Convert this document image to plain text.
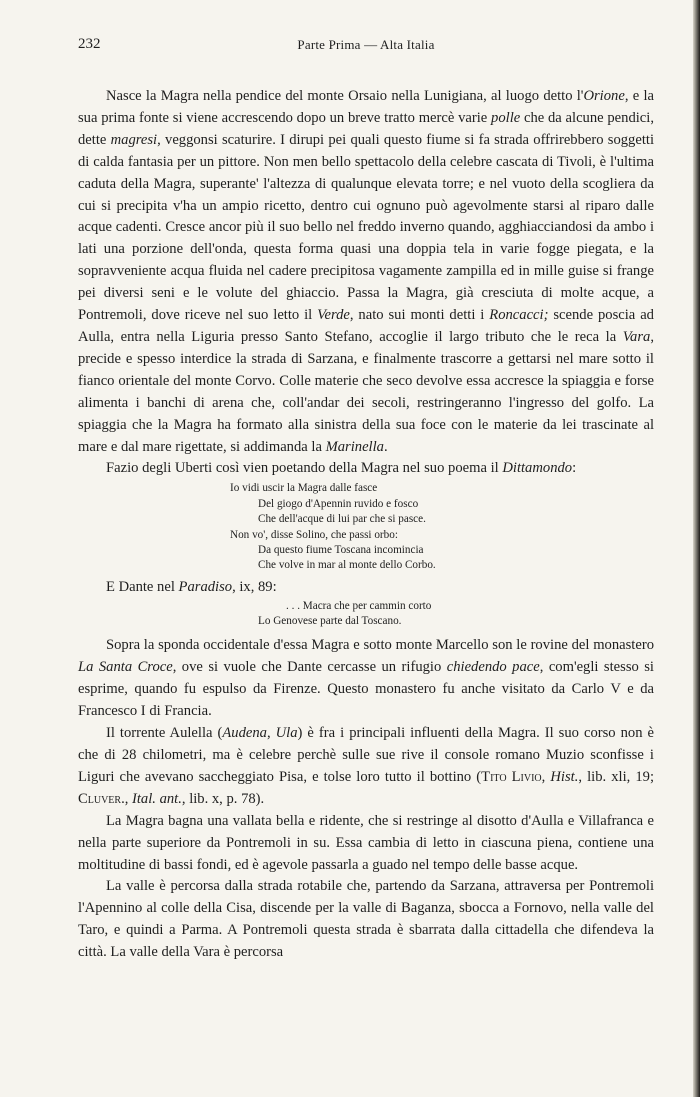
232	Parte Prima — Alta Italia

Nasce la Magra nella pendice del monte Orsaio nella Lunigiana, al luogo detto l'Orione, e la sua prima fonte si viene accrescendo dopo un breve tratto mercè varie polle che da alcune pendici, dette magresi, veggonsi scaturire. I dirupi pei quali questo fiume si fa strada offrirebbero soggetti di calda fantasia per un pittore. Non men bello spettacolo della celebre cascata di Tivoli, è l'ultima caduta della Magra, superante' l'altezza di qualunque elevata torre; e nel vuoto della scogliera da cui si precipita v'ha un ampio ricetto, dentro cui ognuno può agevolmente starsi al riparo dalle acque cadenti. Cresce ancor più il suo bello nel freddo inverno quando, agghiacciandosi da ambo i lati una porzione dell'onda, questa forma quasi una doppia tela in varie fogge piegata, e la sopravveniente acqua fluida nel cadere precipitosa vagamente zampilla ed in mille guise si frange pei diversi seni e le volute del ghiaccio. Passa la Magra, già cresciuta di molte acque, a Pontremoli, dove riceve nel suo letto il Verde, nato sui monti detti i Roncacci; scende poscia ad Aulla, entra nella Liguria presso Santo Stefano, accoglie il largo tributo che le reca la Vara, precide e spesso interdice la strada di Sarzana, e finalmente trascorre a gettarsi nel mare sotto il fianco orientale del monte Corvo. Colle materie che seco devolve essa accresce la spiaggia e forse alimenta i banchi di arena che, coll'andar dei secoli, restringeranno l'ingresso del golfo. La spiaggia che la Magra ha formato alla sinistra della sua foce con le materie da lei trascinate al mare e dal mare rigettate, si addimanda la Marinella.

Fazio degli Uberti così vien poetando della Magra nel suo poema il Dittamondo:

Io vidi uscir la Magra dalle fasce
Del giogo d'Apennin ruvido e fosco
Che dell'acque di lui par che si pasce.
Non vo', disse Solino, che passi orbo:
Da questo fiume Toscana incomincia
Che volve in mar al monte dello Corbo.

E Dante nel Paradiso, ix, 89:

. . . Macra che per cammin corto
Lo Genovese parte dal Toscano.

Sopra la sponda occidentale d'essa Magra e sotto monte Marcello son le rovine del monastero La Santa Croce, ove si vuole che Dante cercasse un rifugio chiedendo pace, com'egli stesso si esprime, quando fu espulso da Firenze. Questo monastero fu anche visitato da Carlo V e da Francesco I di Francia.

Il torrente Aulella (Audena, Ula) è fra i principali influenti della Magra. Il suo corso non è che di 28 chilometri, ma è celebre perchè sulle sue rive il console romano Muzio sconfisse i Liguri che avevano saccheggiato Pisa, e tolse loro tutto il bottino (Tito Livio, Hist., lib. xli, 19; Cluver., Ital. ant., lib. x, p. 78).

La Magra bagna una vallata bella e ridente, che si restringe al disotto d'Aulla e Villafranca e nella parte superiore da Pontremoli in su. Essa cambia di letto in ciascuna piena, contiene una moltitudine di bassi fondi, ed è agevole passarla a guado nel tempo delle basse acque.

La valle è percorsa dalla strada rotabile che, partendo da Sarzana, attraversa per Pontremoli l'Apennino al colle della Cisa, discende per la valle di Baganza, sbocca a Fornovo, nella valle del Taro, e quindi a Parma. A Pontremoli questa strada è sbarrata dalla cittadella che difendeva la città. La valle della Vara è percorsa
